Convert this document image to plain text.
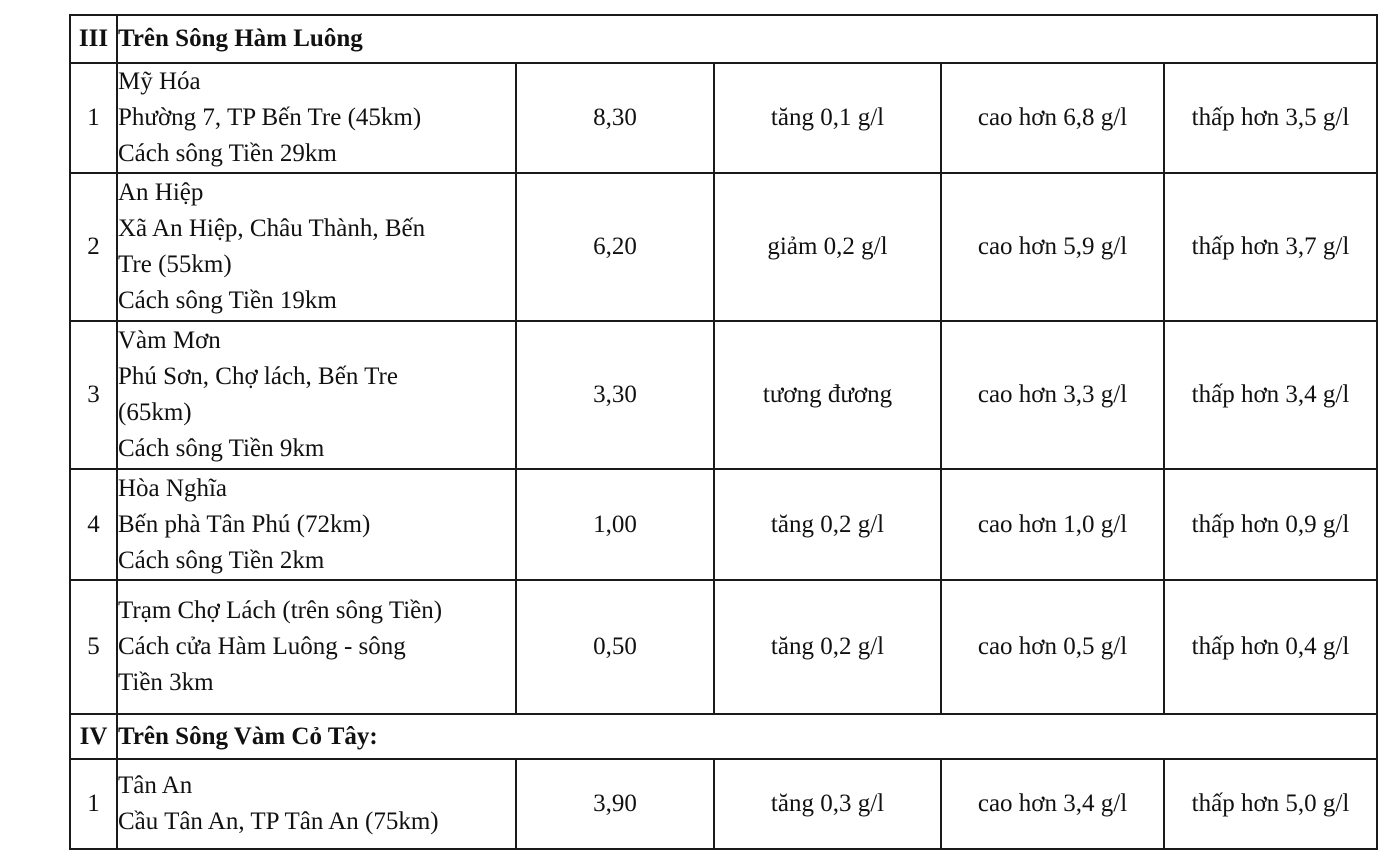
III	Trên Sông Hàm Luông				
1	Mỹ Hóa
Phường 7, TP Bến Tre (45km)
Cách sông Tiền 29km	8,30	tăng 0,1 g/l	cao hơn 6,8 g/l	thấp hơn 3,5 g/l
2	An Hiệp
Xã An Hiệp, Châu Thành, Bến
Tre (55km)
Cách sông Tiền 19km	6,20	giảm 0,2 g/l	cao hơn 5,9 g/l	thấp hơn 3,7 g/l
3	Vàm Mơn
Phú Sơn, Chợ lách, Bến Tre
(65km)
Cách sông Tiền 9km	3,30	tương đương	cao hơn 3,3 g/l	thấp hơn 3,4 g/l
4	Hòa Nghĩa
Bến phà Tân Phú (72km)
Cách sông Tiền 2km	1,00	tăng 0,2 g/l	cao hơn 1,0 g/l	thấp hơn 0,9 g/l
5	Trạm Chợ Lách (trên sông Tiền)
Cách cửa Hàm Luông - sông
Tiền 3km	0,50	tăng 0,2 g/l	cao hơn 0,5 g/l	thấp hơn 0,4 g/l
IV	Trên Sông Vàm Cỏ Tây:				
1	Tân An
Cầu Tân An, TP Tân An (75km)	3,90	tăng 0,3 g/l	cao hơn 3,4 g/l	thấp hơn 5,0 g/l
